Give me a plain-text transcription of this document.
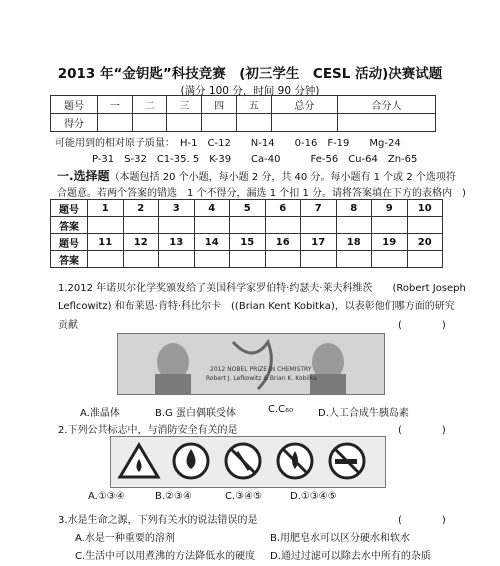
2013 年“金钥匙”科技竞赛　(初三学生　CESL 活动)决赛试题
(满分 100 分，时间 90 分钟)
题号	一	二	三	四	五	总分	合分人
得分							
可能用到的相对原子质量：　H-1　C-12　　N-14　　0-16　F-19　　Mg-24
P-31　S-32　C1-35. 5　K-39　　Ca-40　　　Fe-56　Cu-64　Zn-65
一.选择题（本题包括 20 个小题，每小题 2 分，共 40 分。每小题有 1 个或 2 个选项符
合题意。若两个答案的错选　1 个不得分，漏选 1 个扣 1 分。请将答案填在下方的表格内　)
题号	1	2	3	4	5	6	7	8	9	10
答案										
题号	11	12	13	14	15	16	17	18	19	20
答案										
1.2012 年诺贝尔化学奖颁发给了美国科学家罗伯特·约瑟夫·莱夫科维茨　　(Robert Joseph
Leflcowitz) 和布莱恩·肯特·科比尔卡　((Brian Kent Kobitka)，以表彰他们哪方面的研究
贡献	(　　　　)
2012 NOBEL PRIZE IN CHEMISTRY
Robert J. Lefkowitz & Brian K. Kobilka
A.准晶体	B.G 蛋白偶联受体	C.C₆₀ D.人工合成牛胰岛素
2.下列公共标志中，与消防安全有关的是	(　　　　)
A.①③④	B.②③④	C.③④⑤	D.①③④⑤
3.水是生命之源，下列有关水的说法错误的是	(　　　　)
A.水是一种重要的溶剂	B.用肥皂水可以区分硬水和软水
C.生活中可以用煮沸的方法降低水的硬度 D.通过过滤可以除去水中所有的杂质
